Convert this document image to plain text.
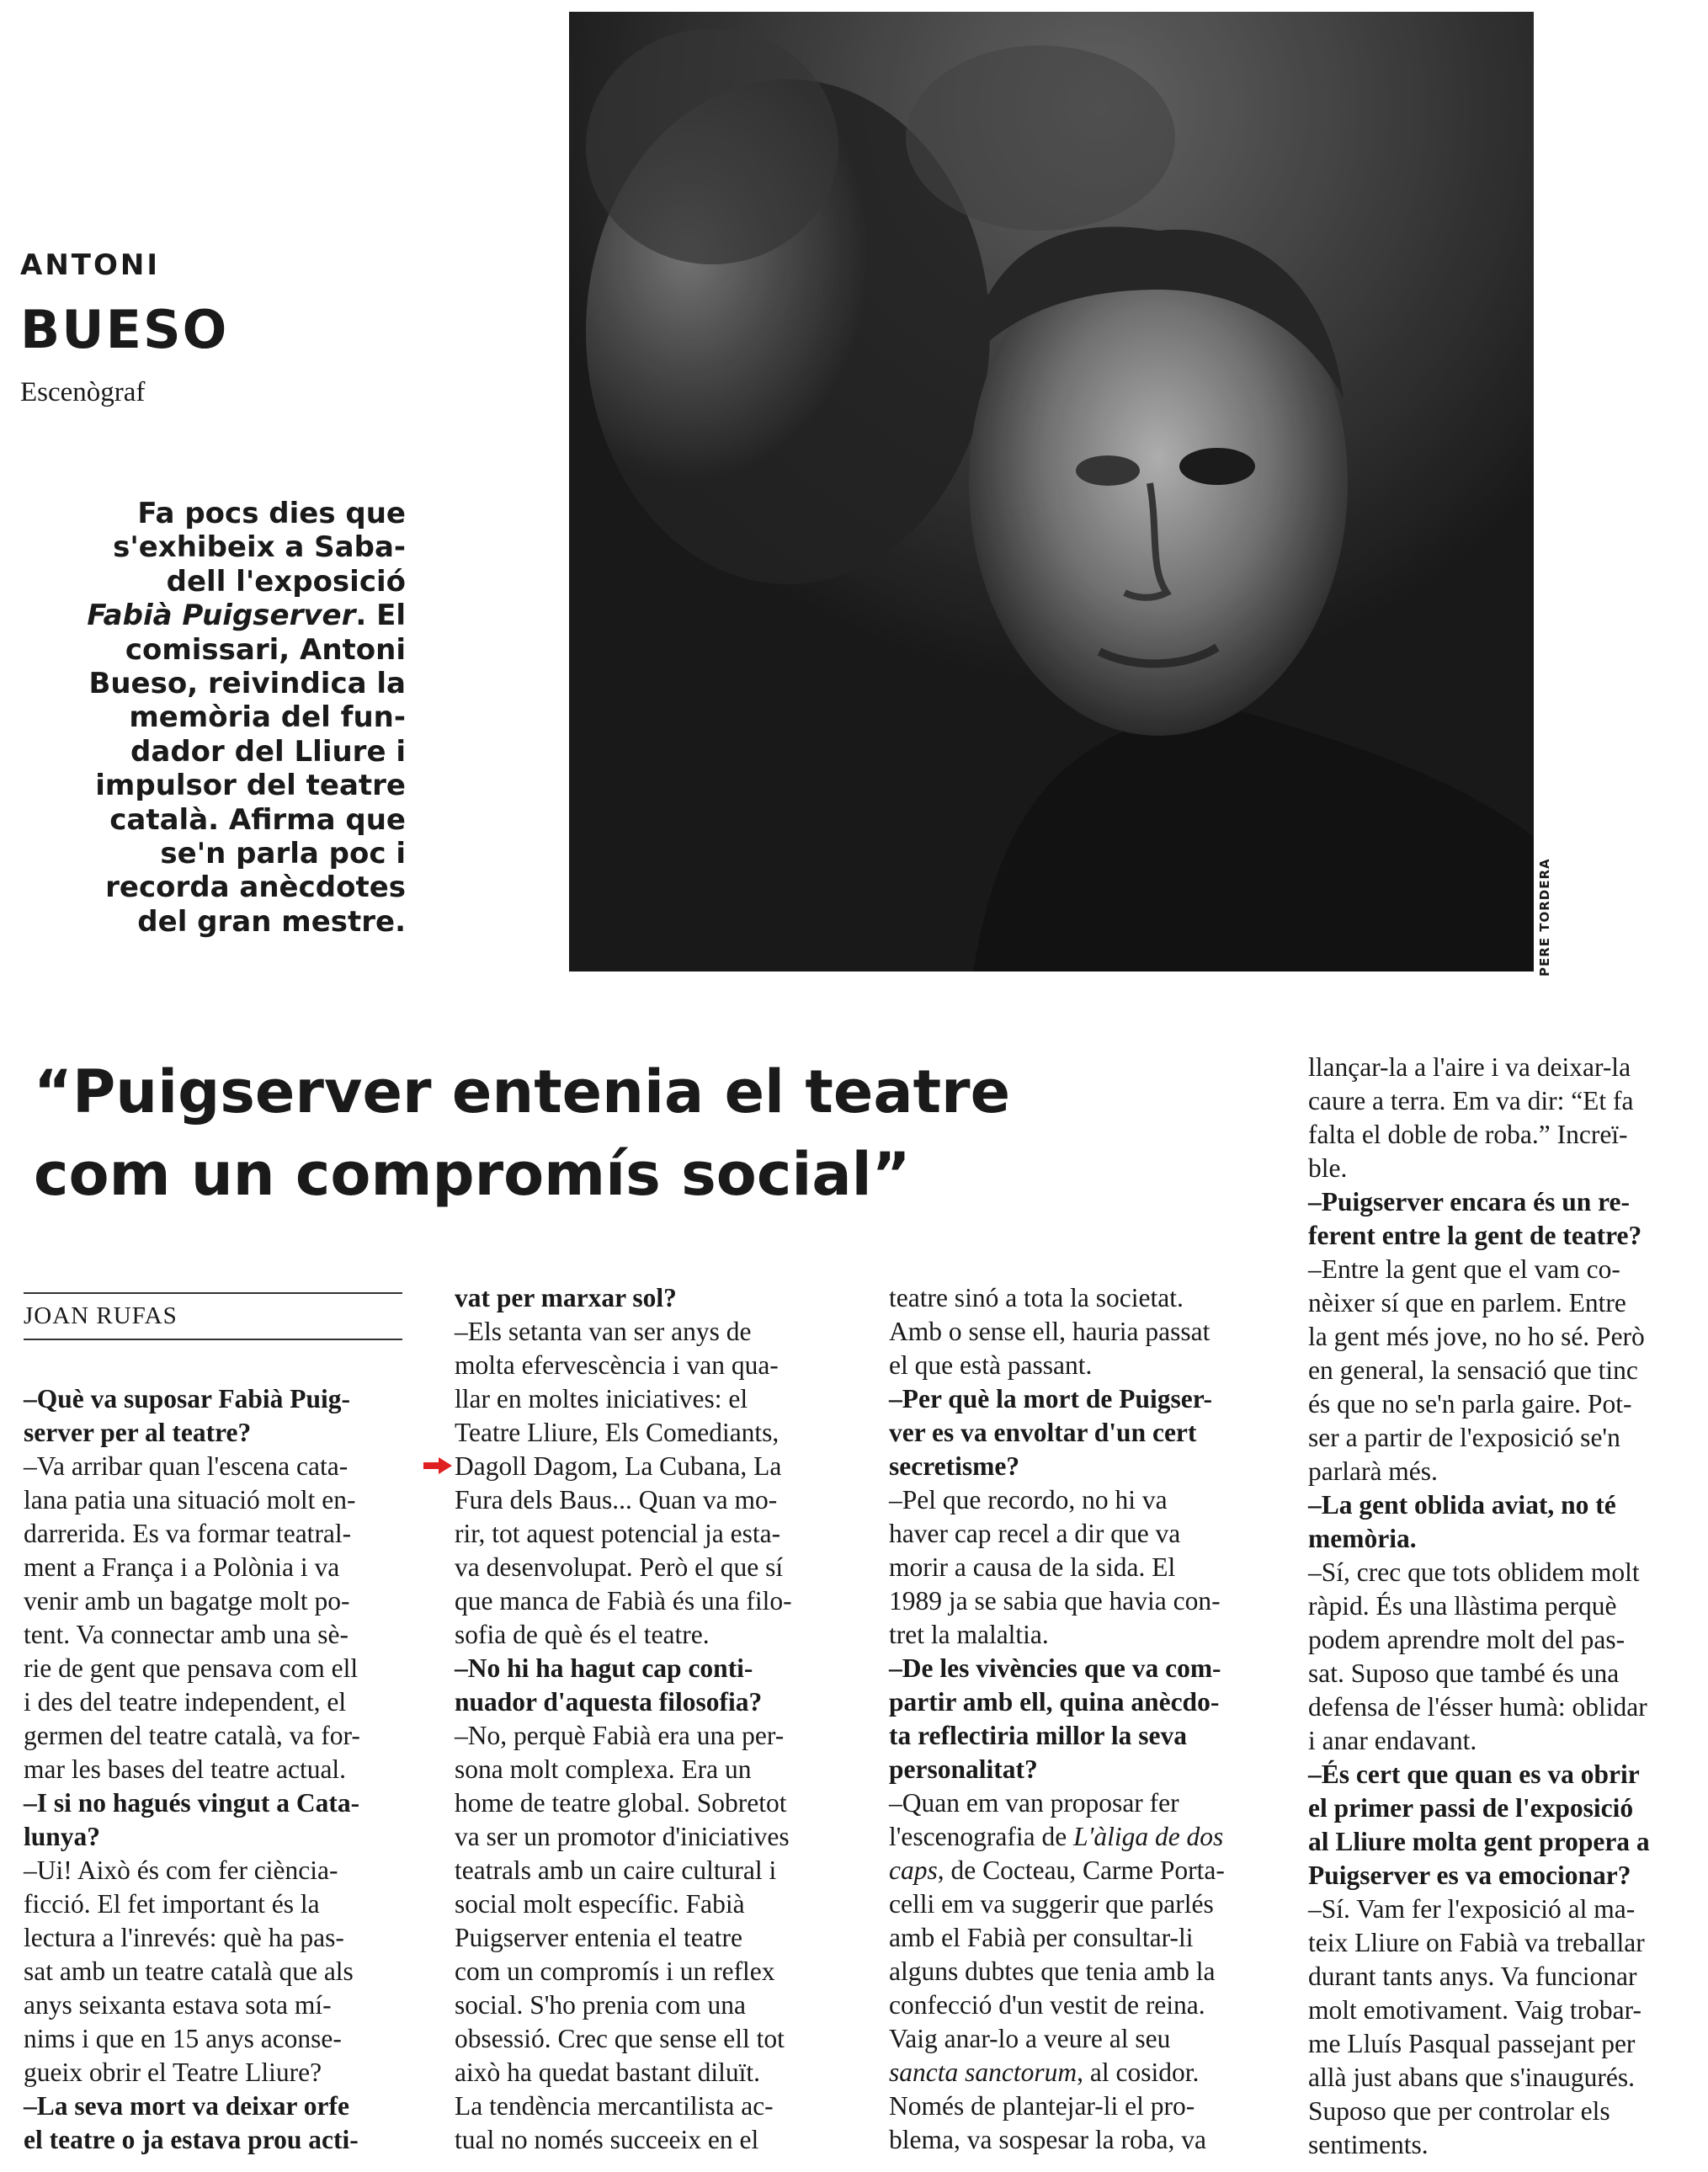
ANTONI
BUESO
Escenògraf
Fa pocs dies que
s'exhibeix a Saba-
dell l'exposició
Fabià Puigserver. El
comissari, Antoni
Bueso, reivindica la
memòria del fun-
dador del Lliure i
impulsor del teatre
català. Afirma que
se'n parla poc i
recorda anècdotes
del gran mestre.	PERE TORDERA
“Puigserver entenia el teatre
com un compromís social”
JOAN RUFAS
–Què va suposar Fabià Puig-
server per al teatre?
–Va arribar quan l'escena cata-
lana patia una situació molt en-
darrerida. Es va formar teatral-
ment a França i a Polònia i va
venir amb un bagatge molt po-
tent. Va connectar amb una sè-
rie de gent que pensava com ell
i des del teatre independent, el
germen del teatre català, va for-
mar les bases del teatre actual.
–I si no hagués vingut a Cata-
lunya?
–Ui! Això és com fer ciència-
ficció. El fet important és la
lectura a l'inrevés: què ha pas-
sat amb un teatre català que als
anys seixanta estava sota mí-
nims i que en 15 anys aconse-
gueix obrir el Teatre Lliure?
–La seva mort va deixar orfe
el teatre o ja estava prou acti-
vat per marxar sol?
–Els setanta van ser anys de
molta efervescència i van qua-
llar en moltes iniciatives: el
Teatre Lliure, Els Comediants,
Dagoll Dagom, La Cubana, La
Fura dels Baus... Quan va mo-
rir, tot aquest potencial ja esta-
va desenvolupat. Però el que sí
que manca de Fabià és una filo-
sofia de què és el teatre.
–No hi ha hagut cap conti-
nuador d'aquesta filosofia?
–No, perquè Fabià era una per-
sona molt complexa. Era un
home de teatre global. Sobretot
va ser un promotor d'iniciatives
teatrals amb un caire cultural i
social molt específic. Fabià
Puigserver entenia el teatre
com un compromís i un reflex
social. S'ho prenia com una
obsessió. Crec que sense ell tot
això ha quedat bastant diluït.
La tendència mercantilista ac-
tual no només succeeix en el
teatre sinó a tota la societat.
Amb o sense ell, hauria passat
el que està passant.
–Per què la mort de Puigser-
ver es va envoltar d'un cert
secretisme?
–Pel que recordo, no hi va
haver cap recel a dir que va
morir a causa de la sida. El
1989 ja se sabia que havia con-
tret la malaltia.
–De les vivències que va com-
partir amb ell, quina anècdo-
ta reflectiria millor la seva
personalitat?
–Quan em van proposar fer
l'escenografia de L'àliga de dos
caps, de Cocteau, Carme Porta-
celli em va suggerir que parlés
amb el Fabià per consultar-li
alguns dubtes que tenia amb la
confecció d'un vestit de reina.
Vaig anar-lo a veure al seu
sancta sanctorum, al cosidor.
Només de plantejar-li el pro-
blema, va sospesar la roba, va
llançar-la a l'aire i va deixar-la
caure a terra. Em va dir: “Et fa
falta el doble de roba.” Increï-
ble.
–Puigserver encara és un re-
ferent entre la gent de teatre?
–Entre la gent que el vam co-
nèixer sí que en parlem. Entre
la gent més jove, no ho sé. Però
en general, la sensació que tinc
és que no se'n parla gaire. Pot-
ser a partir de l'exposició se'n
parlarà més.
–La gent oblida aviat, no té
memòria.
–Sí, crec que tots oblidem molt
ràpid. És una llàstima perquè
podem aprendre molt del pas-
sat. Suposo que també és una
defensa de l'ésser humà: oblidar
i anar endavant.
–És cert que quan es va obrir
el primer passi de l'exposició
al Lliure molta gent propera a
Puigserver es va emocionar?
–Sí. Vam fer l'exposició al ma-
teix Lliure on Fabià va treballar
durant tants anys. Va funcionar
molt emotivament. Vaig trobar-
me Lluís Pasqual passejant per
allà just abans que s'inaugurés.
Suposo que per controlar els
sentiments.
